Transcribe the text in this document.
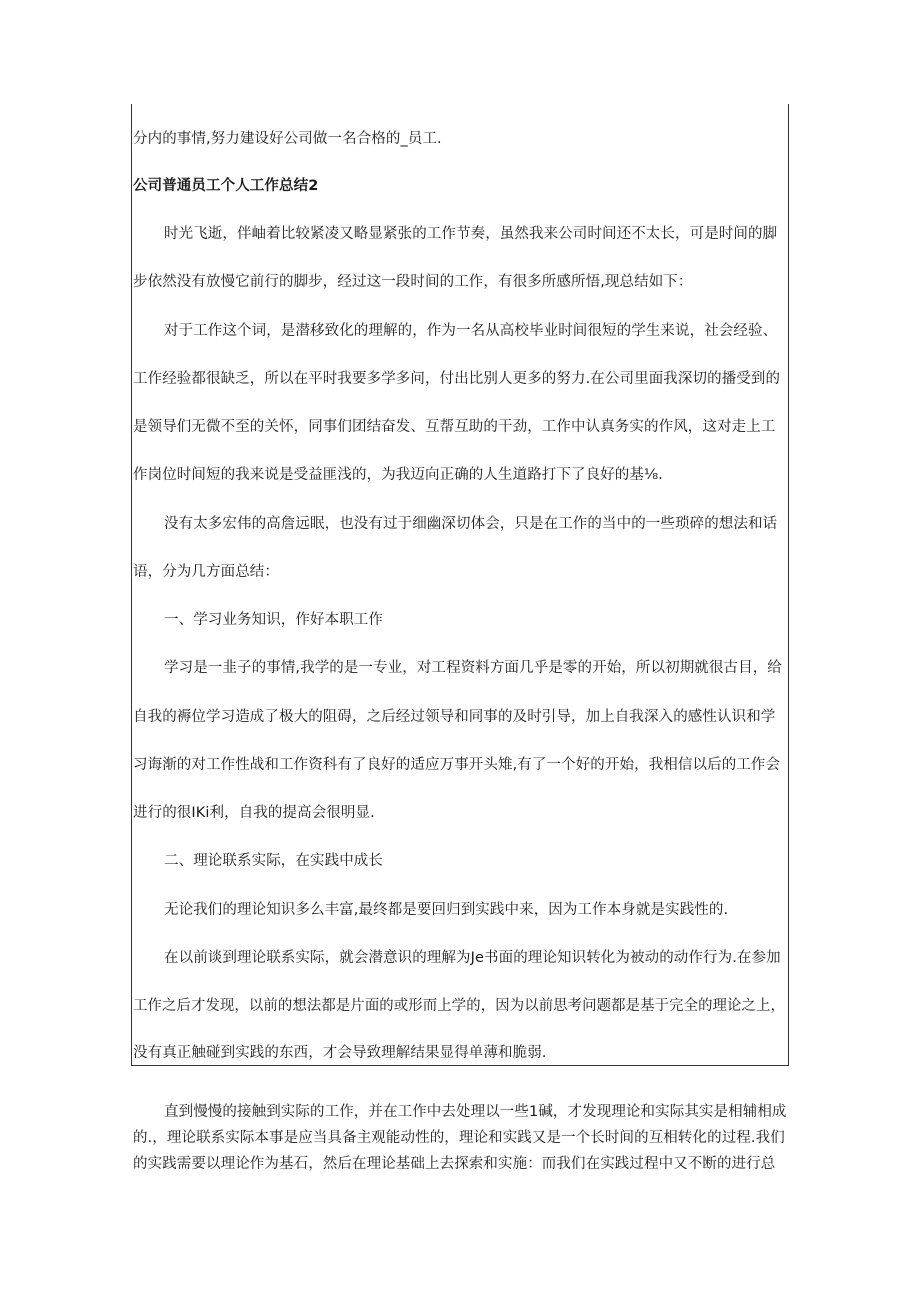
分内的事情,努力建设好公司做一名合格的_员工.
公司普通员工个人工作总结2
时光飞逝，伴岫着比较紧凌又略显紧张的工作节奏，虽然我来公司时间还不太长，可是时间的脚
步依然没有放慢它前行的脚步，经过这一段时间的工作，有很多所感所悟,现总结如下：
对于工作这个词，是潜移致化的理解的，作为一名从高校毕业时间很短的学生来说，社会经验、
工作经验都很缺乏，所以在平时我要多学多问，付出比别人更多的努力.在公司里面我深切的播受到的
是领导们无微不至的关怀，同事们团结奋发、互帮互助的干劲，工作中认真务实的作风，这对走上工
作岗位时间短的我来说是受益匪浅的，为我迈向正确的人生道路打下了良好的基⅛.
没有太多宏伟的高詹远眠，也没有过于细幽深切体会，只是在工作的当中的一些琐碎的想法和话
语，分为几方面总结：
一、学习业务知识，作好本职工作
学习是一韭子的事情,我学的是一专业，对工程资料方面几乎是零的开始，所以初期就很古目，给
自我的褥位学习造成了极大的阻碍，之后经过领导和同事的及时引导，加上自我深入的感性认识和学
习诲渐的对工作性战和工作资科有了良好的适应万事开头雉,有了一个好的开始，我相信以后的工作会
进行的很IKi利，自我的提高会很明显.
二、理论联系实际，在实践中成长
无论我们的理论知识多么丰富,最终都是要回归到实践中来，因为工作本身就是实践性的.
在以前谈到理论联系实际，就会潜意识的理解为Je书面的理论知识转化为被动的动作行为.在参加
工作之后才发现，以前的想法都是片面的或形而上学的，因为以前思考问题都是基于完全的理论之上，
没有真正触碰到实践的东西，才会导致理解结果显得单薄和脆弱.
直到慢慢的接触到实际的工作，并在工作中去处理以一些1碱，才发现理论和实际其实是相辅相成
的.，理论联系实际本事是应当具备主观能动性的，理论和实践又是一个长时间的互相转化的过程.我们
的实践需要以理论作为基石，然后在理论基础上去探索和实施：而我们在实践过程中又不断的进行总
